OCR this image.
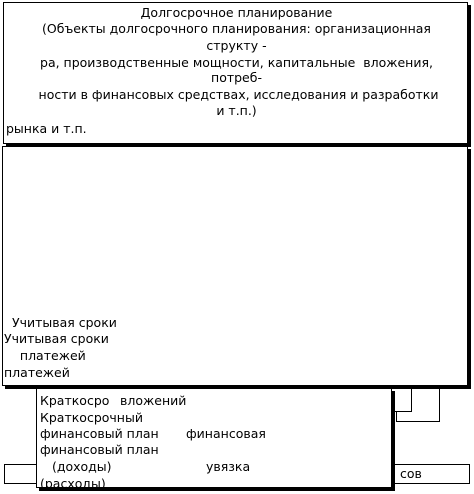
сов
Долгосрочное планирование
(Объекты долгосрочного планирования: организационная
структу -
ра, производственные мощности, капитальные  вложения,
потреб-
ности в финансовых средствах, исследования и разработки
и т.п.)
рынка и т.п.
Учитывая сроки
Учитывая сроки
платежей
платежей
Краткосро вложений
Краткосрочный
финансовый план
(доходы)
(расходы)
финансовый план финансовая
увязка
